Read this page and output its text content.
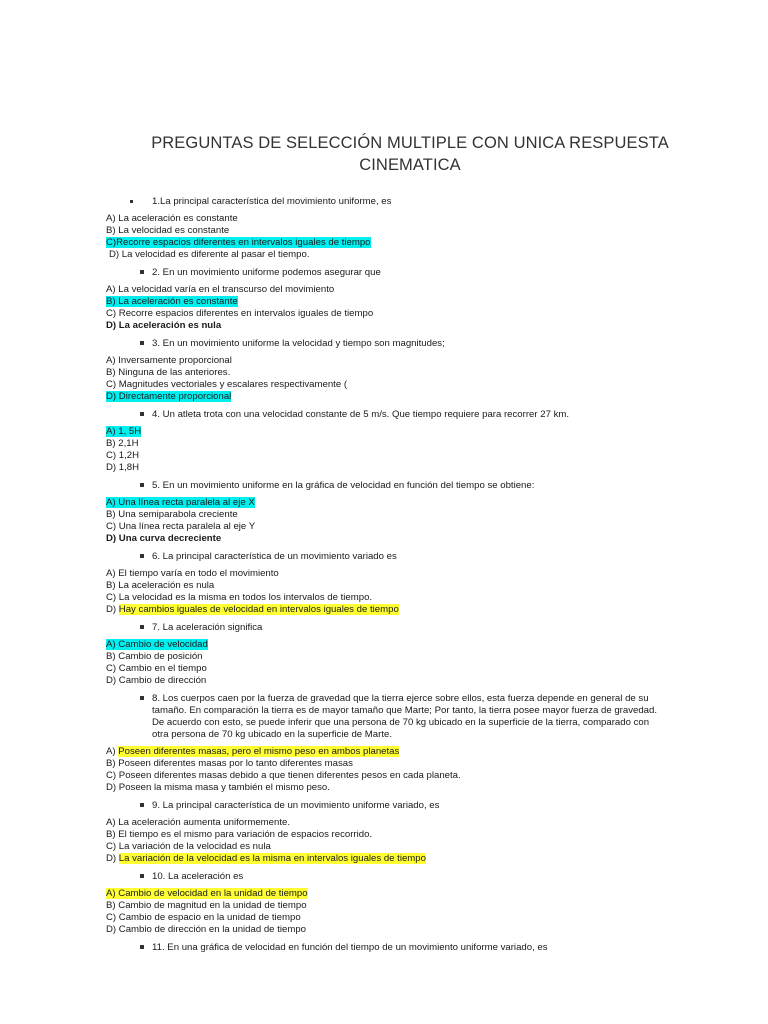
PREGUNTAS DE SELECCIÓN MULTIPLE CON UNICA RESPUESTA
CINEMATICA
1.La principal característica del movimiento uniforme, es
A) La aceleración es constante
B) La velocidad es constante
C)Recorre espacios diferentes en intervalos iguales de tiempo
D) La velocidad es diferente al pasar el tiempo.
2. En un movimiento uniforme podemos asegurar que
A) La velocidad varía en el transcurso del movimiento
B) La aceleración es constante
C) Recorre espacios diferentes en intervalos iguales de tiempo
D) La aceleración es nula
3. En un movimiento uniforme la velocidad y tiempo son magnitudes;
A) Inversamente proporcional
B) Ninguna de las anteriores.
C) Magnitudes vectoriales y escalares respectivamente (
D) Directamente proporcional
4. Un atleta trota con una velocidad constante de 5 m/s. Que tiempo requiere para recorrer 27 km.
A) 1, 5H
B) 2,1H
C) 1,2H
D) 1,8H
5. En un movimiento uniforme en la gráfica de velocidad en función del tiempo se obtiene:
A) Una línea recta paralela al eje X
B) Una semiparabola creciente
C) Una línea recta paralela al eje Y
D) Una curva decreciente
6. La principal característica de un movimiento variado es
A) El tiempo varía en todo el movimiento
B) La aceleración es nula
C) La velocidad es la misma en todos los intervalos de tiempo.
D) Hay cambios iguales de velocidad en intervalos iguales de tiempo
7. La aceleración significa
A) Cambio de velocidad
B) Cambio de posición
C) Cambio en el tiempo
D) Cambio de dirección
8. Los cuerpos caen por la fuerza de gravedad que la tierra ejerce sobre ellos, esta fuerza depende en general de su tamaño. En comparación la tierra es de mayor tamaño que Marte; Por tanto, la tierra posee mayor fuerza de gravedad. De acuerdo con esto, se puede inferir que una persona de 70 kg ubicado en la superficie de la tierra, comparado con otra persona de 70 kg ubicado en la superficie de Marte.
A) Poseen diferentes masas, pero el mismo peso en ambos planetas
B) Poseen diferentes masas por lo tanto diferentes masas
C) Poseen diferentes masas debido a que tienen diferentes pesos en cada planeta.
D) Poseen la misma masa y también el mismo peso.
9. La principal característica de un movimiento uniforme variado, es
A) La aceleración aumenta uniformemente.
B) El tiempo es el mismo para variación de espacios recorrido.
C) La variación de la velocidad es nula
D) La variación de la velocidad es la misma en intervalos iguales de tiempo
10. La aceleración es
A) Cambio de velocidad en la unidad de tiempo
B) Cambio de magnitud en la unidad de tiempo
C) Cambio de espacio en la unidad de tiempo
D) Cambio de dirección en la unidad de tiempo
11. En una gráfica de velocidad en función del tiempo de un movimiento uniforme variado, es
